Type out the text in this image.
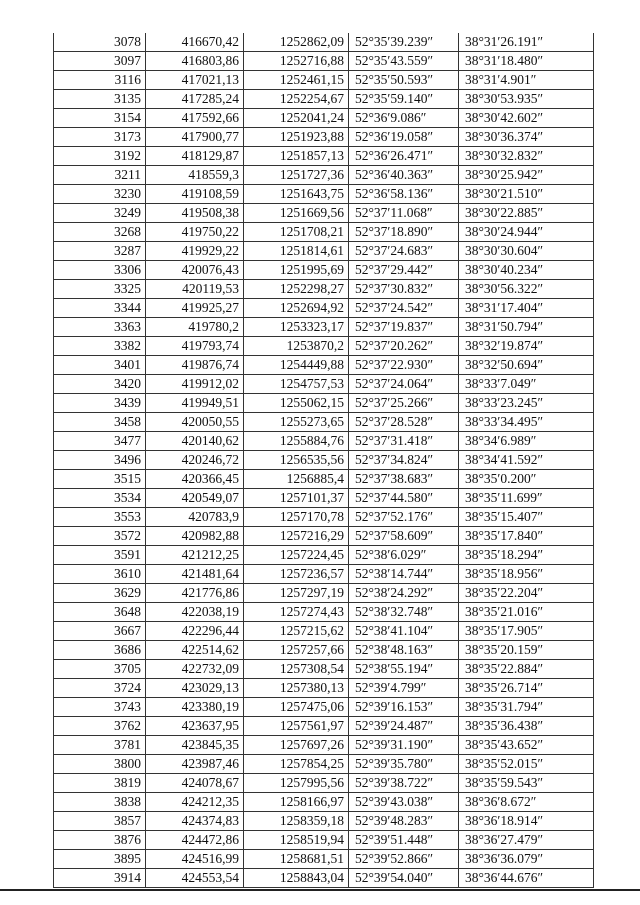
3078	416670,42	1252862,09	52°35′39.239″	38°31′26.191″
3097	416803,86	1252716,88	52°35′43.559″	38°31′18.480″
3116	417021,13	1252461,15	52°35′50.593″	38°31′4.901″
3135	417285,24	1252254,67	52°35′59.140″	38°30′53.935″
3154	417592,66	1252041,24	52°36′9.086″	38°30′42.602″
3173	417900,77	1251923,88	52°36′19.058″	38°30′36.374″
3192	418129,87	1251857,13	52°36′26.471″	38°30′32.832″
3211	418559,3	1251727,36	52°36′40.363″	38°30′25.942″
3230	419108,59	1251643,75	52°36′58.136″	38°30′21.510″
3249	419508,38	1251669,56	52°37′11.068″	38°30′22.885″
3268	419750,22	1251708,21	52°37′18.890″	38°30′24.944″
3287	419929,22	1251814,61	52°37′24.683″	38°30′30.604″
3306	420076,43	1251995,69	52°37′29.442″	38°30′40.234″
3325	420119,53	1252298,27	52°37′30.832″	38°30′56.322″
3344	419925,27	1252694,92	52°37′24.542″	38°31′17.404″
3363	419780,2	1253323,17	52°37′19.837″	38°31′50.794″
3382	419793,74	1253870,2	52°37′20.262″	38°32′19.874″
3401	419876,74	1254449,88	52°37′22.930″	38°32′50.694″
3420	419912,02	1254757,53	52°37′24.064″	38°33′7.049″
3439	419949,51	1255062,15	52°37′25.266″	38°33′23.245″
3458	420050,55	1255273,65	52°37′28.528″	38°33′34.495″
3477	420140,62	1255884,76	52°37′31.418″	38°34′6.989″
3496	420246,72	1256535,56	52°37′34.824″	38°34′41.592″
3515	420366,45	1256885,4	52°37′38.683″	38°35′0.200″
3534	420549,07	1257101,37	52°37′44.580″	38°35′11.699″
3553	420783,9	1257170,78	52°37′52.176″	38°35′15.407″
3572	420982,88	1257216,29	52°37′58.609″	38°35′17.840″
3591	421212,25	1257224,45	52°38′6.029″	38°35′18.294″
3610	421481,64	1257236,57	52°38′14.744″	38°35′18.956″
3629	421776,86	1257297,19	52°38′24.292″	38°35′22.204″
3648	422038,19	1257274,43	52°38′32.748″	38°35′21.016″
3667	422296,44	1257215,62	52°38′41.104″	38°35′17.905″
3686	422514,62	1257257,66	52°38′48.163″	38°35′20.159″
3705	422732,09	1257308,54	52°38′55.194″	38°35′22.884″
3724	423029,13	1257380,13	52°39′4.799″	38°35′26.714″
3743	423380,19	1257475,06	52°39′16.153″	38°35′31.794″
3762	423637,95	1257561,97	52°39′24.487″	38°35′36.438″
3781	423845,35	1257697,26	52°39′31.190″	38°35′43.652″
3800	423987,46	1257854,25	52°39′35.780″	38°35′52.015″
3819	424078,67	1257995,56	52°39′38.722″	38°35′59.543″
3838	424212,35	1258166,97	52°39′43.038″	38°36′8.672″
3857	424374,83	1258359,18	52°39′48.283″	38°36′18.914″
3876	424472,86	1258519,94	52°39′51.448″	38°36′27.479″
3895	424516,99	1258681,51	52°39′52.866″	38°36′36.079″
3914	424553,54	1258843,04	52°39′54.040″	38°36′44.676″
